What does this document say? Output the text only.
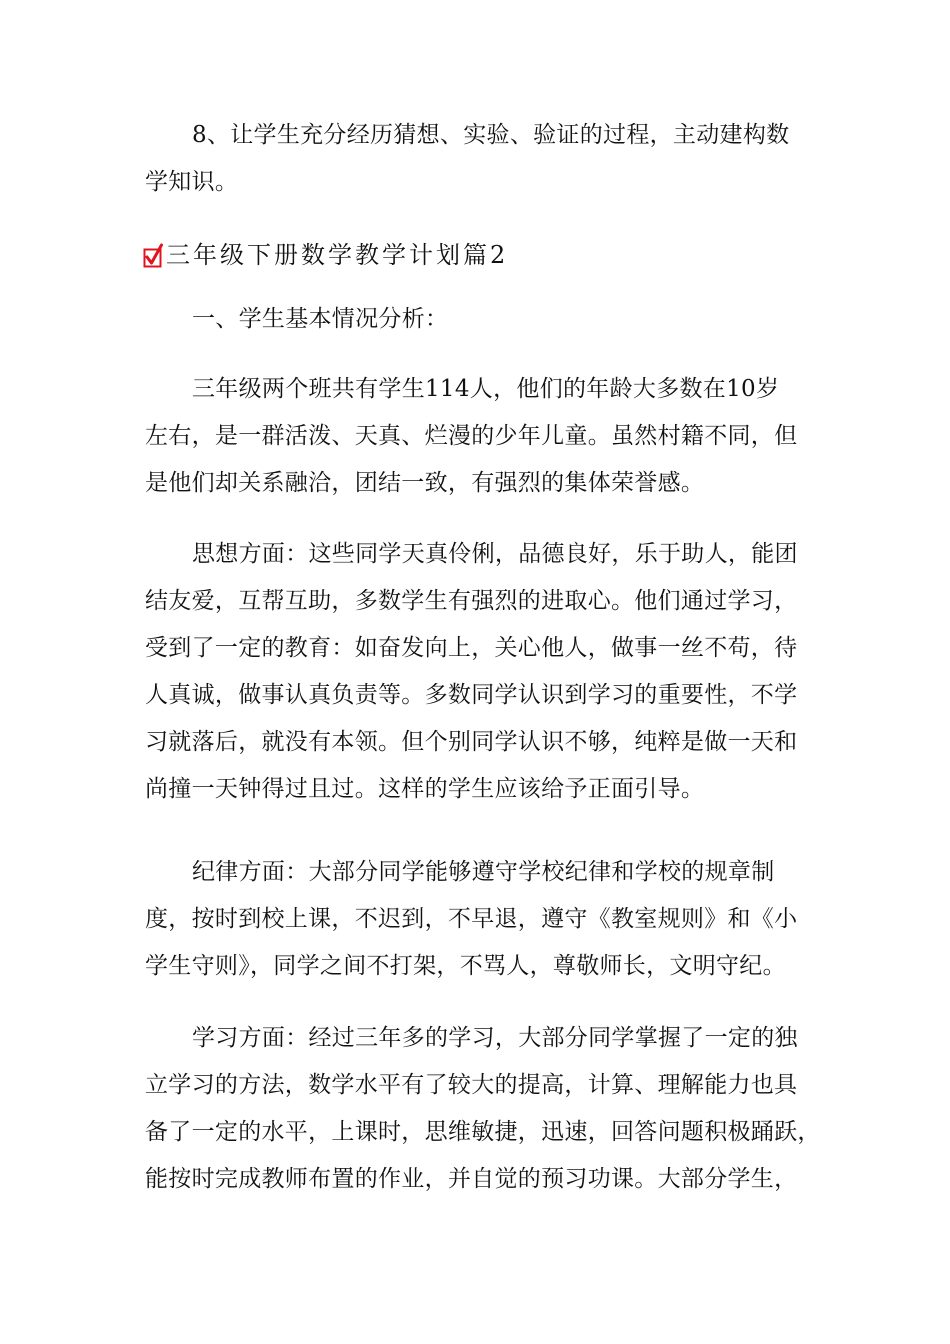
8、让学生充分经历猜想、实验、验证的过程，主动建构数
学知识。
三年级下册数学教学计划篇2
一、学生基本情况分析：
三年级两个班共有学生114人，他们的年龄大多数在10岁
左右，是一群活泼、天真、烂漫的少年儿童。虽然村籍不同，但
是他们却关系融洽，团结一致，有强烈的集体荣誉感。
思想方面：这些同学天真伶俐，品德良好，乐于助人，能团
结友爱，互帮互助，多数学生有强烈的进取心。他们通过学习，
受到了一定的教育：如奋发向上，关心他人，做事一丝不苟，待
人真诚，做事认真负责等。多数同学认识到学习的重要性，不学
习就落后，就没有本领。但个别同学认识不够，纯粹是做一天和
尚撞一天钟得过且过。这样的学生应该给予正面引导。
纪律方面：大部分同学能够遵守学校纪律和学校的规章制
度，按时到校上课，不迟到，不早退，遵守《教室规则》和《小
学生守则》，同学之间不打架，不骂人，尊敬师长，文明守纪。
学习方面：经过三年多的学习，大部分同学掌握了一定的独
立学习的方法，数学水平有了较大的提高，计算、理解能力也具
备了一定的水平，上课时，思维敏捷，迅速，回答问题积极踊跃，
能按时完成教师布置的作业，并自觉的预习功课。大部分学生，
